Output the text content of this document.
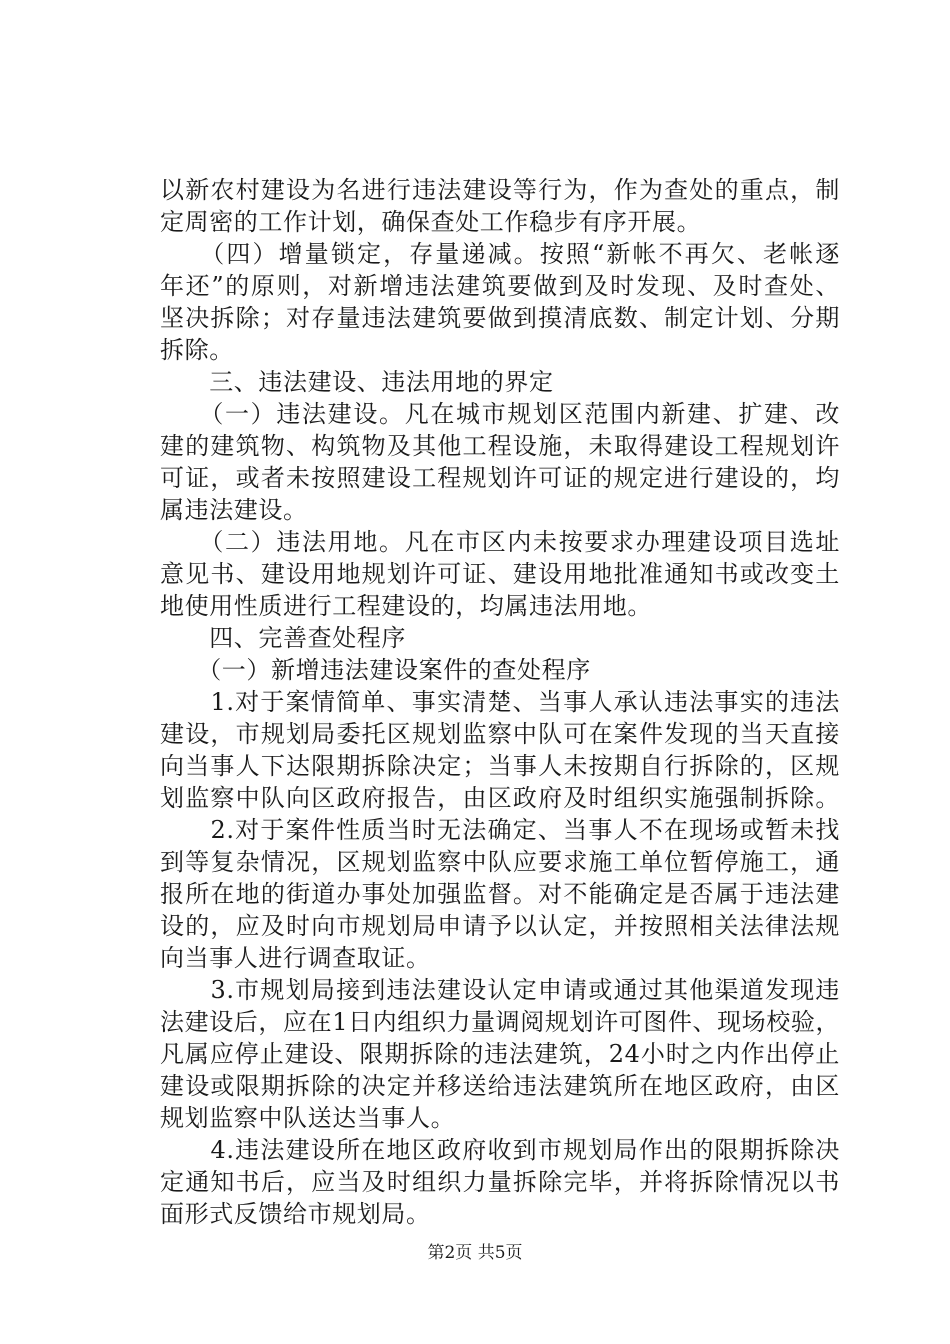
以新农村建设为名进行违法建设等行为，作为查处的重点，制
定周密的工作计划，确保查处工作稳步有序开展。
　　（四）增量锁定，存量递减。按照“新帐不再欠、老帐逐
年还”的原则，对新增违法建筑要做到及时发现、及时查处、
坚决拆除；对存量违法建筑要做到摸清底数、制定计划、分期
拆除。
　　三、违法建设、违法用地的界定
　　（一）违法建设。凡在城市规划区范围内新建、扩建、改
建的建筑物、构筑物及其他工程设施，未取得建设工程规划许
可证，或者未按照建设工程规划许可证的规定进行建设的，均
属违法建设。
　　（二）违法用地。凡在市区内未按要求办理建设项目选址
意见书、建设用地规划许可证、建设用地批准通知书或改变土
地使用性质进行工程建设的，均属违法用地。
　　四、完善查处程序
　　（一）新增违法建设案件的查处程序
　　1.对于案情简单、事实清楚、当事人承认违法事实的违法
建设，市规划局委托区规划监察中队可在案件发现的当天直接
向当事人下达限期拆除决定；当事人未按期自行拆除的，区规
划监察中队向区政府报告，由区政府及时组织实施强制拆除。
　　2.对于案件性质当时无法确定、当事人不在现场或暂未找
到等复杂情况，区规划监察中队应要求施工单位暂停施工，通
报所在地的街道办事处加强监督。对不能确定是否属于违法建
设的，应及时向市规划局申请予以认定，并按照相关法律法规
向当事人进行调查取证。
　　3.市规划局接到违法建设认定申请或通过其他渠道发现违
法建设后，应在1日内组织力量调阅规划许可图件、现场校验，
凡属应停止建设、限期拆除的违法建筑，24小时之内作出停止
建设或限期拆除的决定并移送给违法建筑所在地区政府，由区
规划监察中队送达当事人。
　　4.违法建设所在地区政府收到市规划局作出的限期拆除决
定通知书后，应当及时组织力量拆除完毕，并将拆除情况以书
面形式反馈给市规划局。
第2页 共5页
